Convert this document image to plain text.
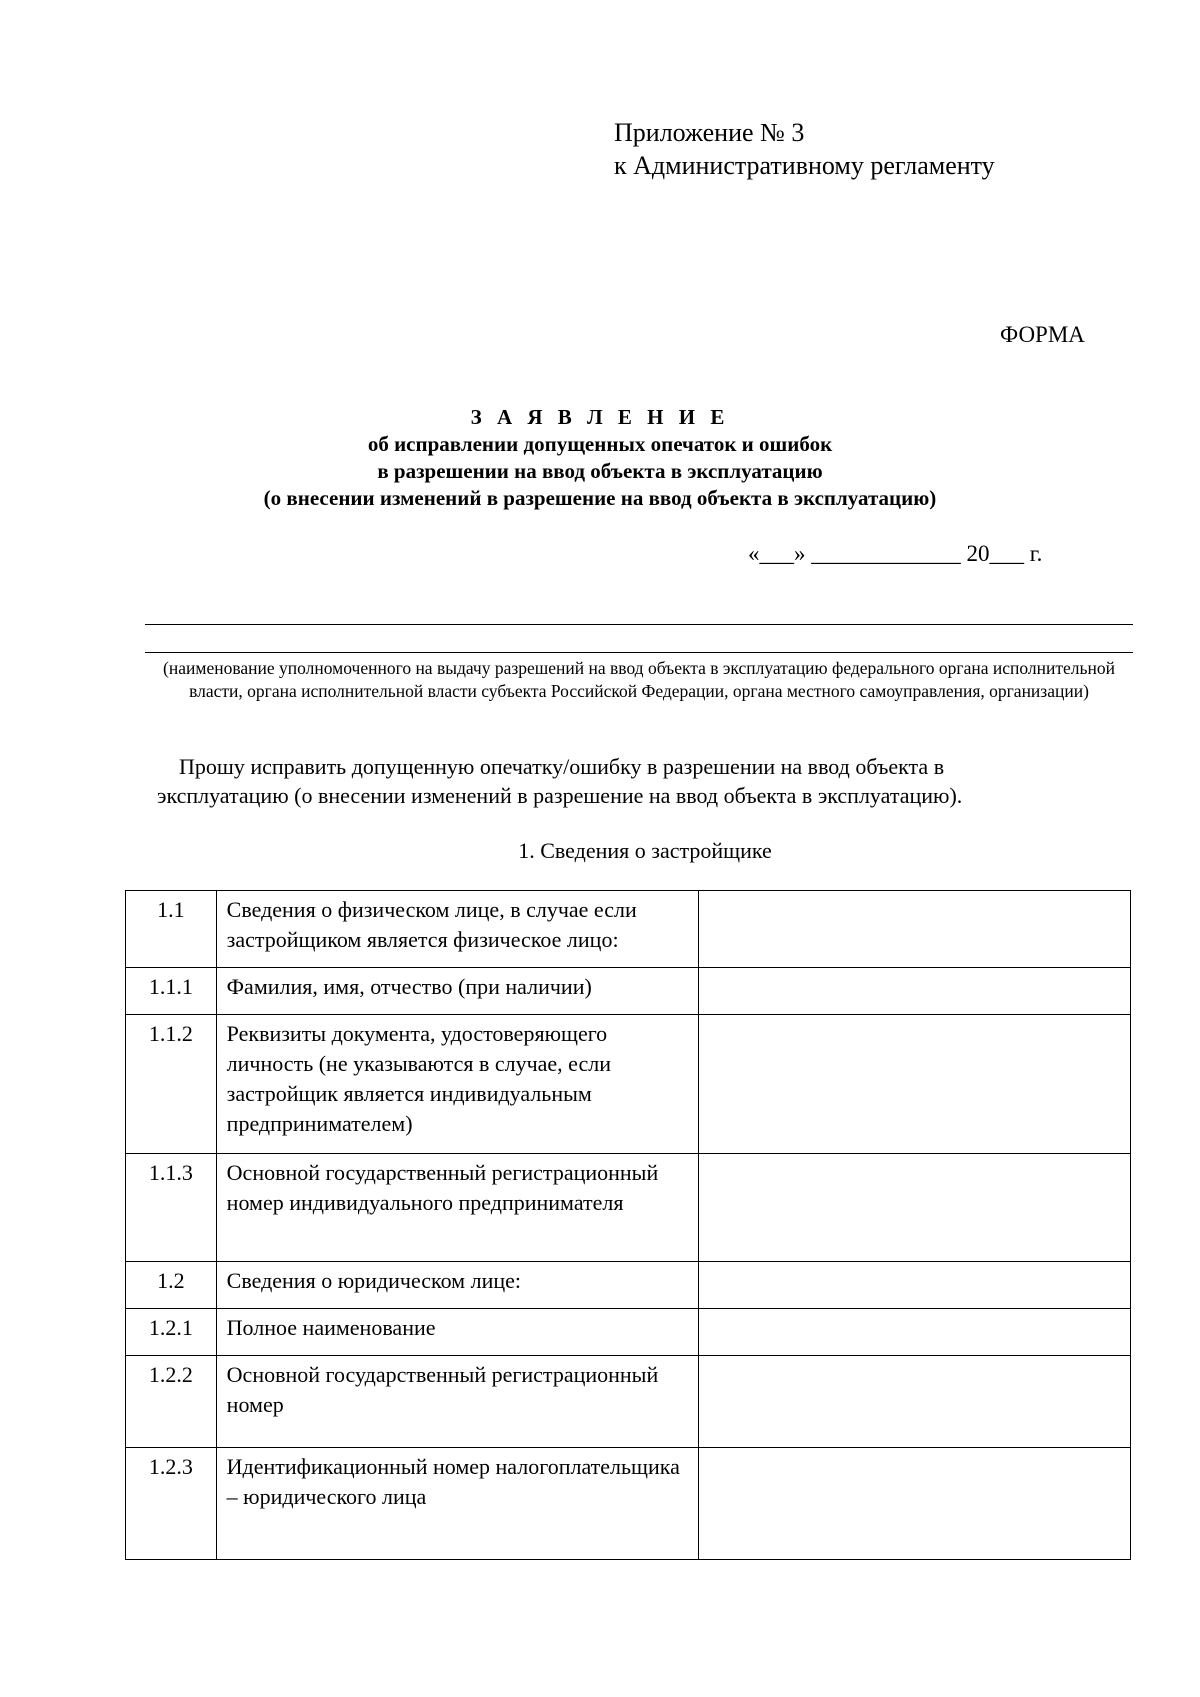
Приложение № 3
к Административному регламенту
ФОРМА
З А Я В Л Е Н И Е
об исправлении допущенных опечаток и ошибок
в разрешении на ввод объекта в эксплуатацию
(о внесении изменений в разрешение на ввод объекта в эксплуатацию)
«___» _____________ 20___ г.
(наименование уполномоченного на выдачу разрешений на ввод объекта в эксплуатацию федерального органа исполнительной власти, органа исполнительной власти субъекта Российской Федерации, органа местного самоуправления, организации)
Прошу исправить допущенную опечатку/ошибку в разрешении на ввод объекта в
эксплуатацию (о внесении изменений в разрешение на ввод объекта в эксплуатацию).
1. Сведения о застройщике
1.1	Сведения о физическом лице, в случае если застройщиком является физическое лицо:	
1.1.1	Фамилия, имя, отчество (при наличии)	
1.1.2	Реквизиты документа, удостоверяющего личность (не указываются в случае, если застройщик является индивидуальным предпринимателем)	
1.1.3	Основной государственный регистрационный номер индивидуального предпринимателя	
1.2	Сведения о юридическом лице:	
1.2.1	Полное наименование	
1.2.2	Основной государственный регистрационный номер	
1.2.3	Идентификационный номер налогоплательщика – юридического лица	
